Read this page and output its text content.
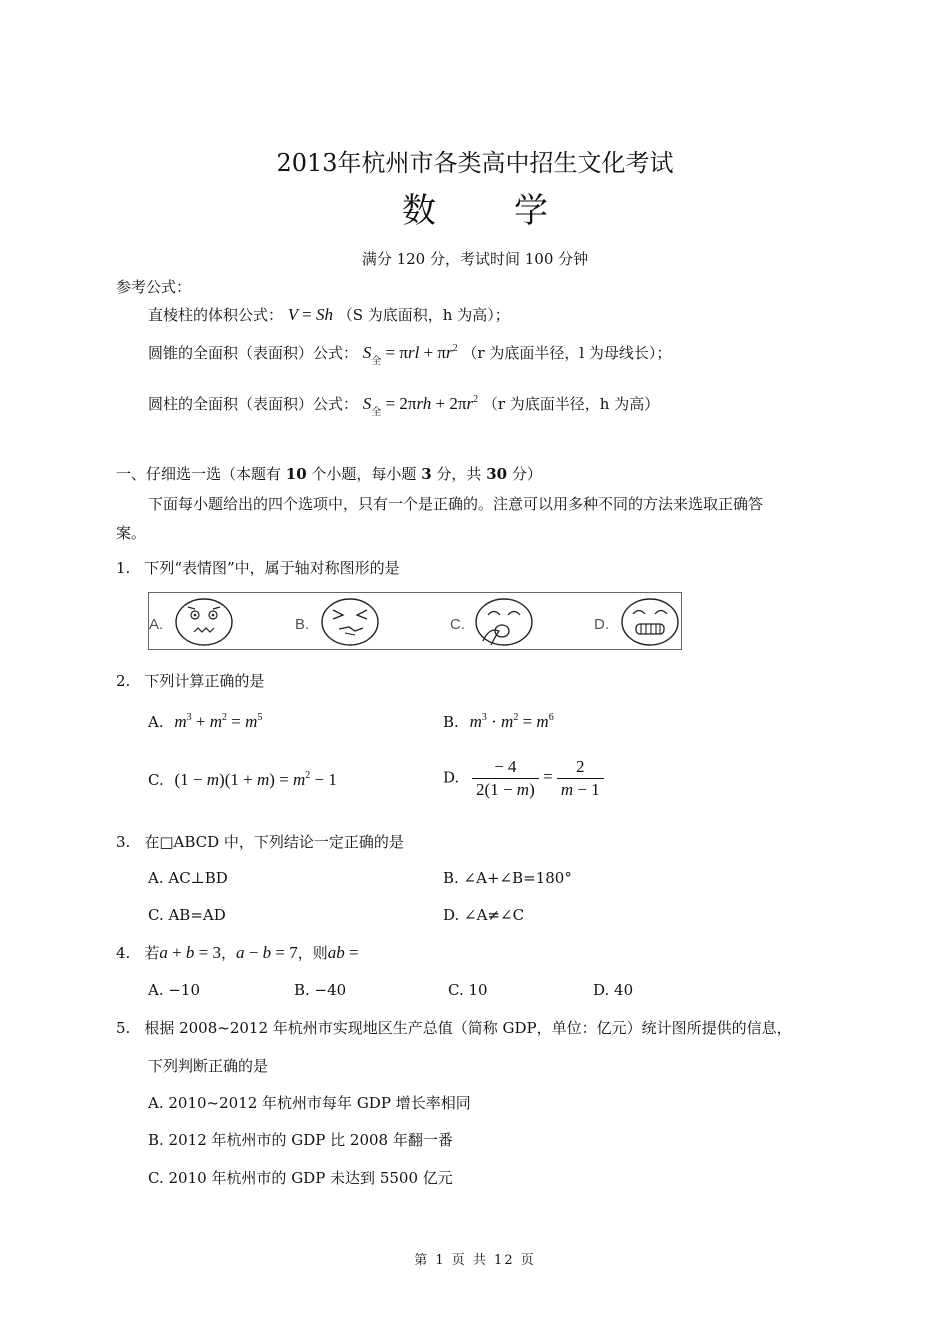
2013年杭州市各类高中招生文化考试
数 学
满分 120 分，考试时间 100 分钟
参考公式：
直棱柱的体积公式： V = Sh （S 为底面积，h 为高）；
圆锥的全面积（表面积）公式： $S_全 = \pi rl + \pi r^2$ （r 为底面半径，l 为母线长）；
圆柱的全面积（表面积）公式： $S_全 = 2\pi rh + 2\pi r^2$ （r 为底面半径，h 为高）
一、仔细选一选（本题有 10 个小题，每小题 3 分，共 30 分）
下面每小题给出的四个选项中，只有一个是正确的。注意可以用多种不同的方法来选取正确答
案。
1. 下列“表情图”中，属于轴对称图形的是
A.	B.	C.	D.
2. 下列计算正确的是
A. $m^3 + m^2 = m^5$	B. $m^3 \cdot m^2 = m^6$
C. $(1 - m)(1 + m) = m^2 - 1$	D. $\frac{- 4}{2(1 - m)} = \frac{2}{m - 1}$
3. 在□ABCD 中，下列结论一定正确的是
A. AC⊥BD	B. ∠A+∠B=180°
C. AB=AD	D. ∠A≠∠C
4. 若a + b = 3，a − b = 7，则ab =
A. −10	B. −40	C. 10	D. 40
5. 根据 2008~2012 年杭州市实现地区生产总值（简称 GDP，单位：亿元）统计图所提供的信息，
下列判断正确的是
A. 2010~2012 年杭州市每年 GDP 增长率相同
B. 2012 年杭州市的 GDP 比 2008 年翻一番
C. 2010 年杭州市的 GDP 未达到 5500 亿元
第 1 页 共 12 页
